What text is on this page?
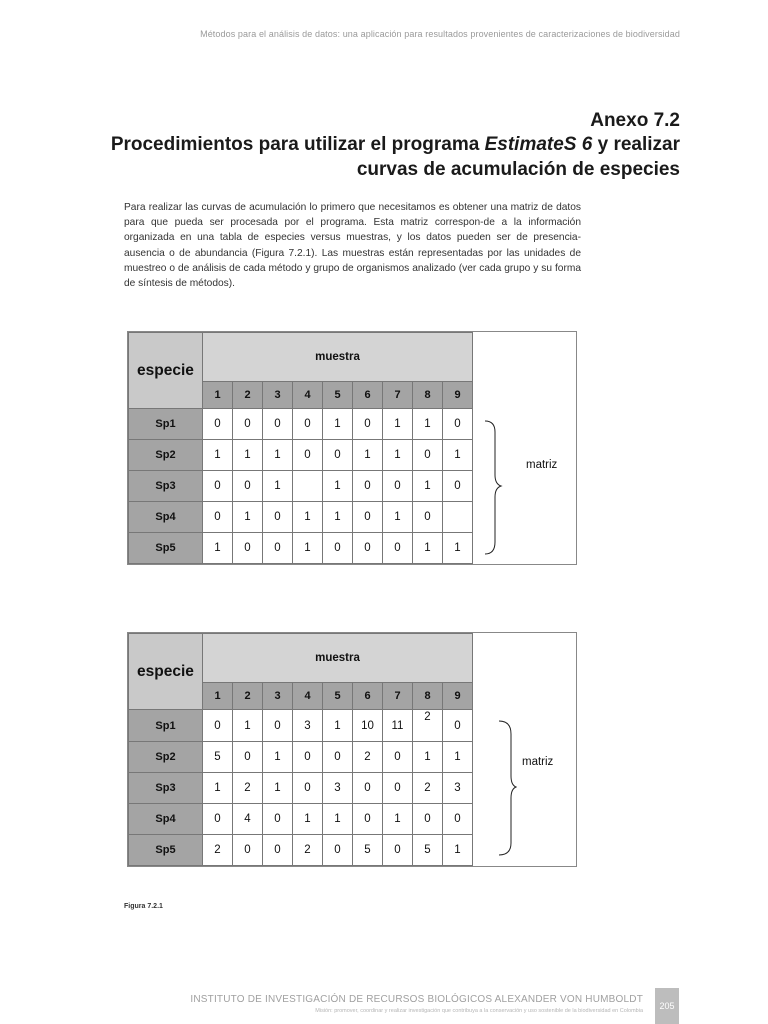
Métodos para el análisis de datos: una aplicación para resultados provenientes de caracterizaciones de biodiversidad
Anexo 7.2
Procedimientos para utilizar el programa EstimateS 6 y realizar curvas de acumulación de especies
Para realizar las curvas de acumulación lo primero que necesitamos es obtener una matriz de datos para que pueda ser procesada por el programa. Esta matriz correspon-de a la información organizada en una tabla de especies versus muestras, y los datos pueden ser de presencia-ausencia o de abundancia (Figura 7.2.1). Las muestras están representadas por las unidades de muestreo o de análisis de cada método y grupo de organismos analizado (ver cada grupo y su forma de síntesis de métodos).
especie	muestra									
	1	2	3	4	5	6	7	8	9	
Sp1	0	0	0	0	1	0	1	1	0	
Sp2	1	1	1	0	0	1	1	0	1	
Sp3	0	0	1		1	0	0	1	0	
Sp4	0	1	0	1	1	0	1	0		
Sp5	1	0	0	1	0	0	0	1	1	
matriz
especie	muestra									
	1	2	3	4	5	6	7	8	9	
Sp1	0	1	0	3	1	10	11	2	0	
Sp2	5	0	1	0	0	2	0	1	1	
Sp3	1	2	1	0	3	0	0	2	3	
Sp4	0	4	0	1	1	0	1	0	0	
Sp5	2	0	0	2	0	5	0	5	1	
matriz
Figura 7.2.1
INSTITUTO DE INVESTIGACIÓN DE RECURSOS BIOLÓGICOS ALEXANDER VON HUMBOLDT
Misión: promover, coordinar y realizar investigación que contribuya a la conservación y uso sostenible de la biodiversidad en Colombia	205
